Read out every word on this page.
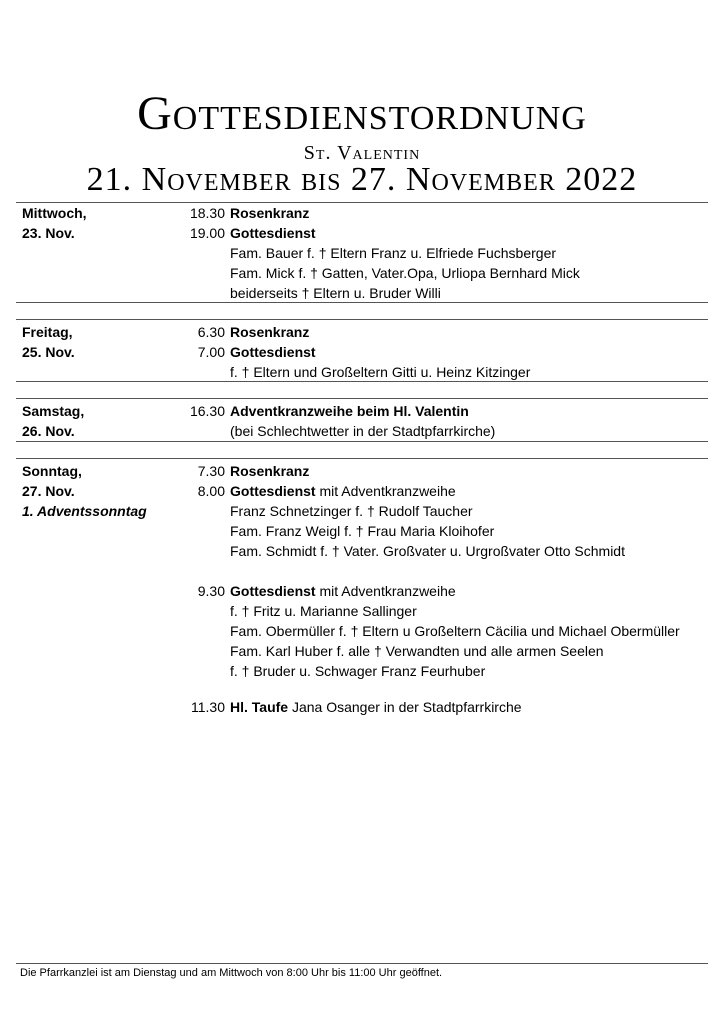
Gottesdienstordnung
St. Valentin
21. November bis 27. November 2022
Mittwoch,
23. Nov.
18.30 Rosenkranz
19.00 Gottesdienst
Fam. Bauer f. † Eltern Franz u. Elfriede Fuchsberger
Fam. Mick f. † Gatten, Vater.Opa, Urliopa Bernhard Mick
beiderseits † Eltern u. Bruder Willi
Freitag,
25. Nov.
6.30 Rosenkranz
7.00 Gottesdienst
f. † Eltern und Großeltern Gitti u. Heinz Kitzinger
Samstag,
26. Nov.
16.30 Adventkranzweihe beim Hl. Valentin
(bei Schlechtwetter in der Stadtpfarrkirche)
Sonntag,
27. Nov.
1. Adventssonntag
7.30 Rosenkranz
8.00 Gottesdienst mit Adventkranzweihe
Franz Schnetzinger f. † Rudolf Taucher
Fam. Franz Weigl f. † Frau Maria Kloihofer
Fam. Schmidt f. † Vater. Großvater u. Urgroßvater Otto Schmidt
9.30 Gottesdienst mit Adventkranzweihe
f. † Fritz u. Marianne Sallinger
Fam. Obermüller f. † Eltern u Großeltern Cäcilia und Michael Obermüller
Fam. Karl Huber f. alle † Verwandten und alle armen Seelen
f. † Bruder u. Schwager Franz Feurhuber
11.30 Hl. Taufe Jana Osanger in der Stadtpfarrkirche
Die Pfarrkanzlei ist am Dienstag und am Mittwoch von 8:00 Uhr bis 11:00 Uhr geöffnet.
